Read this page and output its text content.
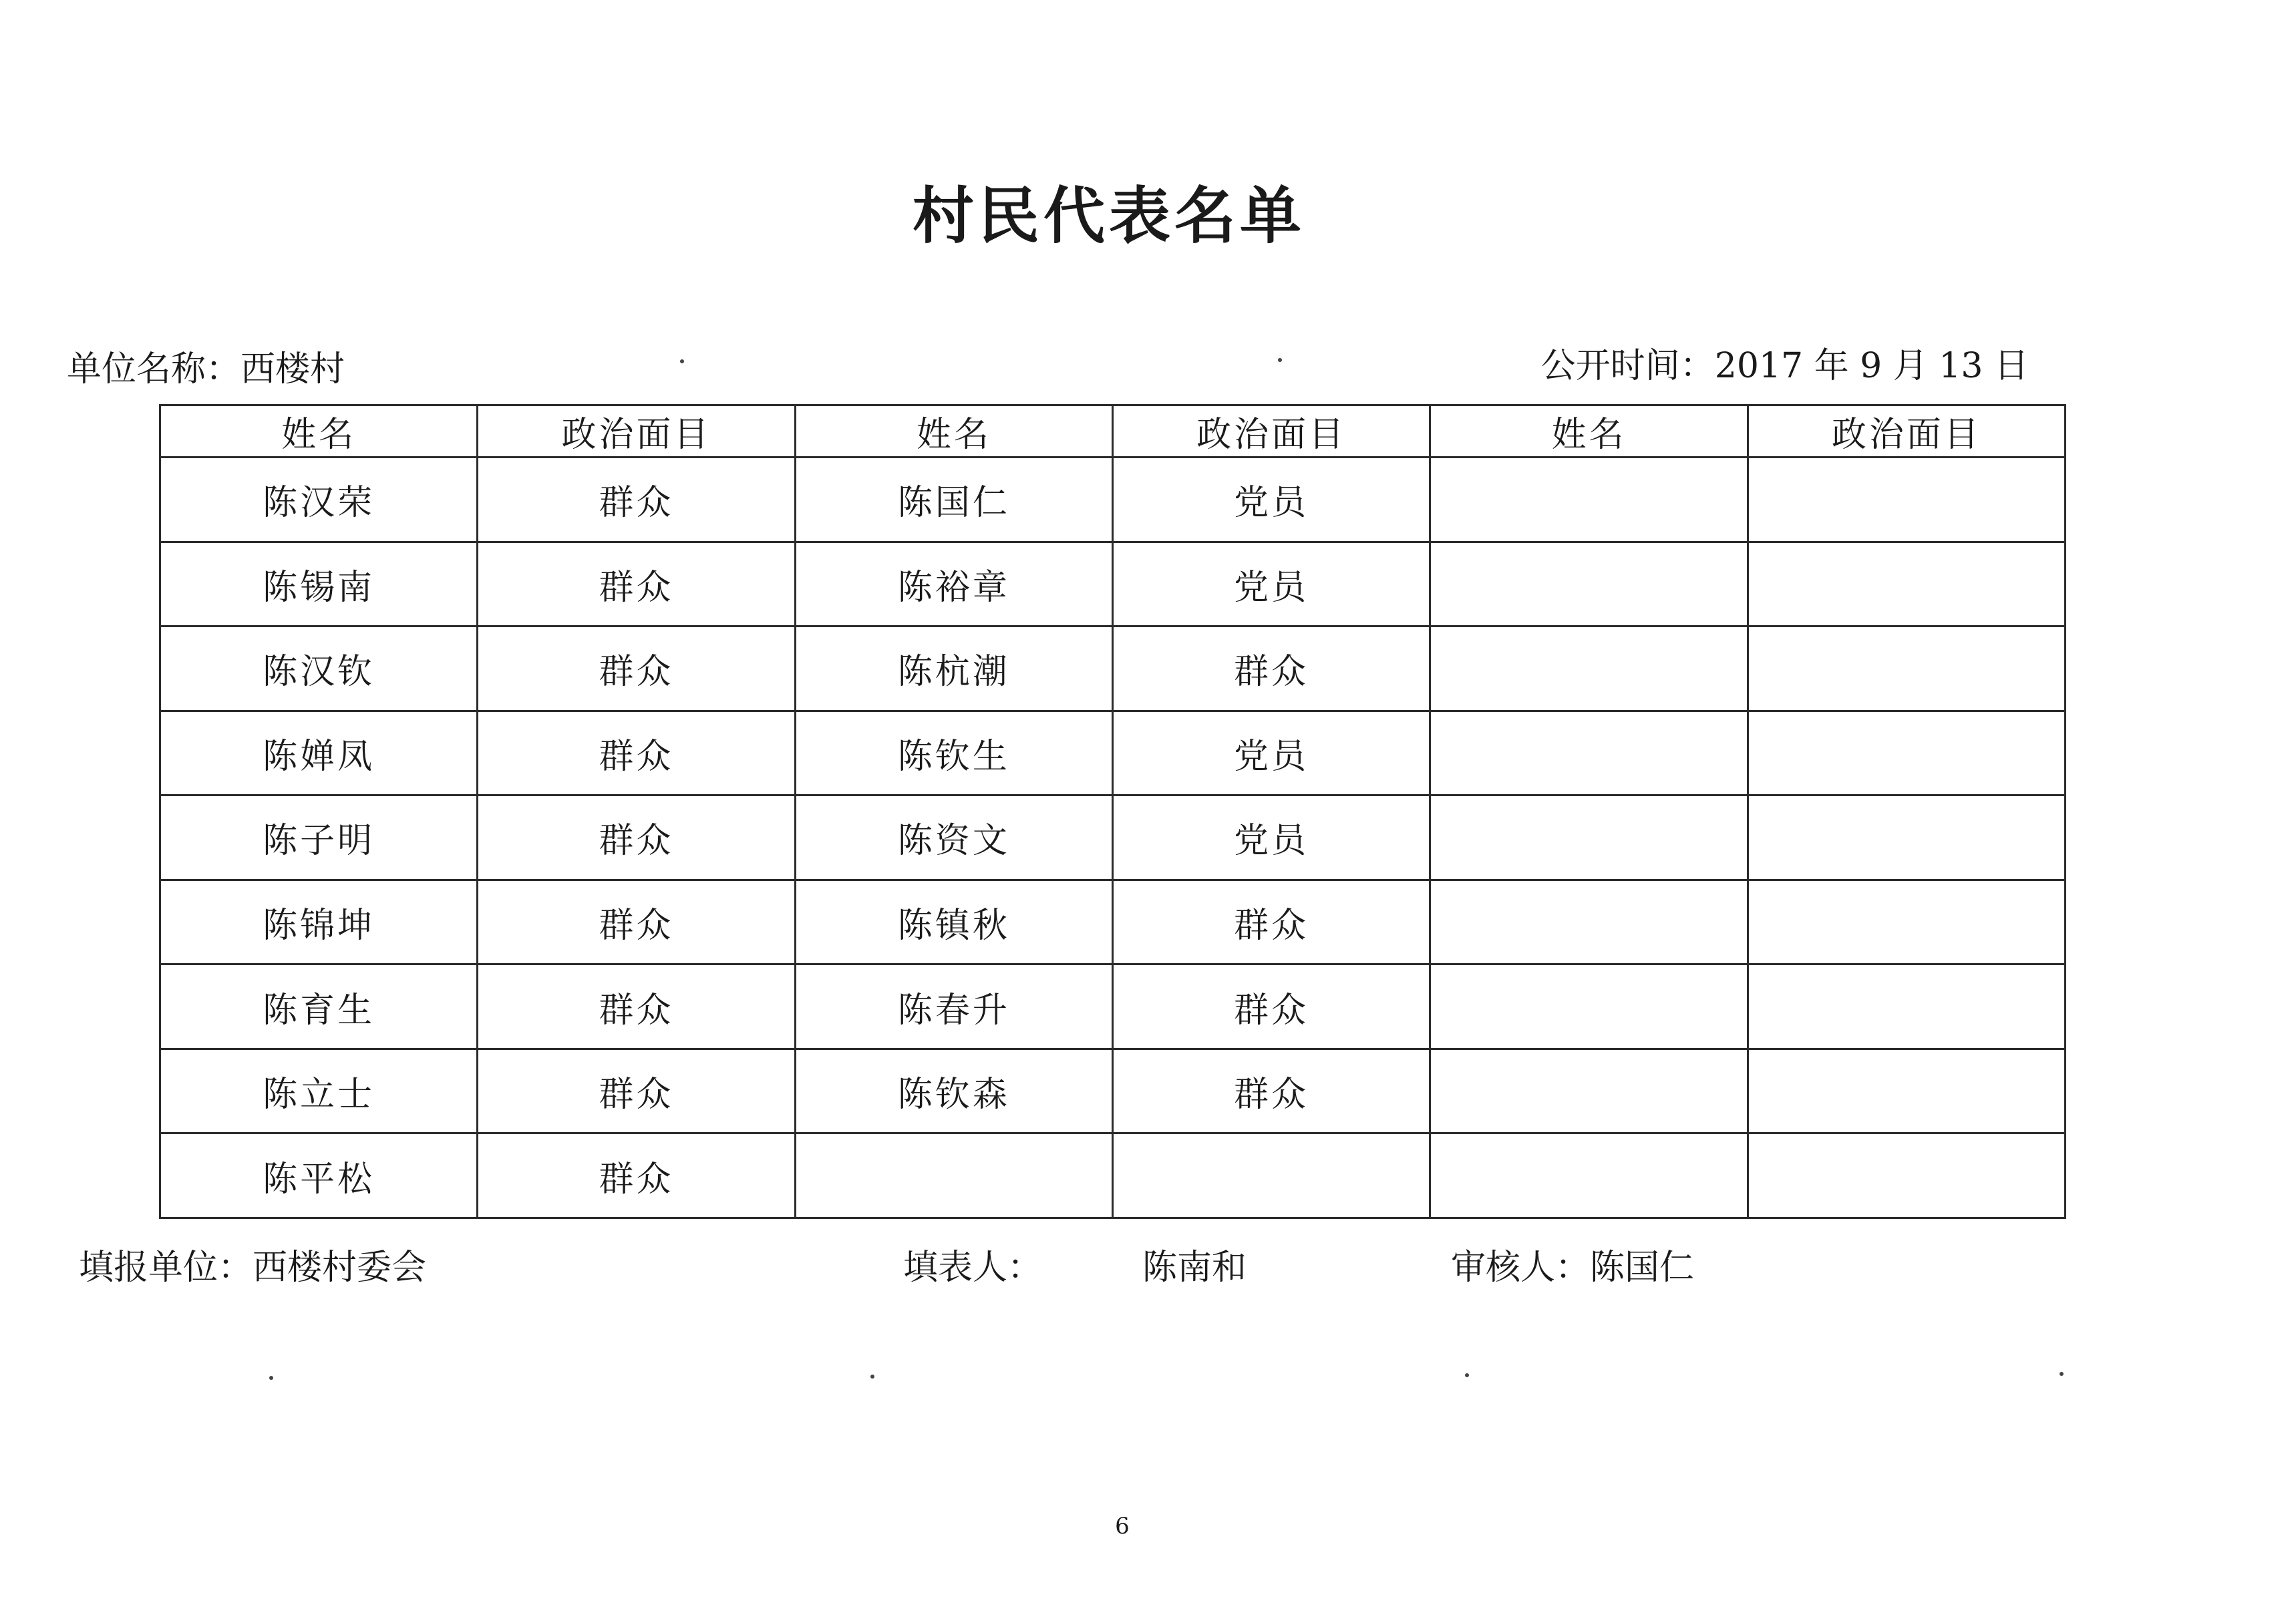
村民代表名单
单位名称：西楼村	公开时间：2017 年 9 月 13 日
姓名	政治面目	姓名	政治面目	姓名	政治面目
陈汉荣	群众	陈国仁	党员		
陈锡南	群众	陈裕章	党员		
陈汉钦	群众	陈杭潮	群众		
陈婵凤	群众	陈钦生	党员		
陈子明	群众	陈资文	党员		
陈锦坤	群众	陈镇秋	群众		
陈育生	群众	陈春升	群众		
陈立士	群众	陈钦森	群众		
陈平松	群众				
填报单位：西楼村委会	填表人：	陈南和	审核人：陈国仁
6
